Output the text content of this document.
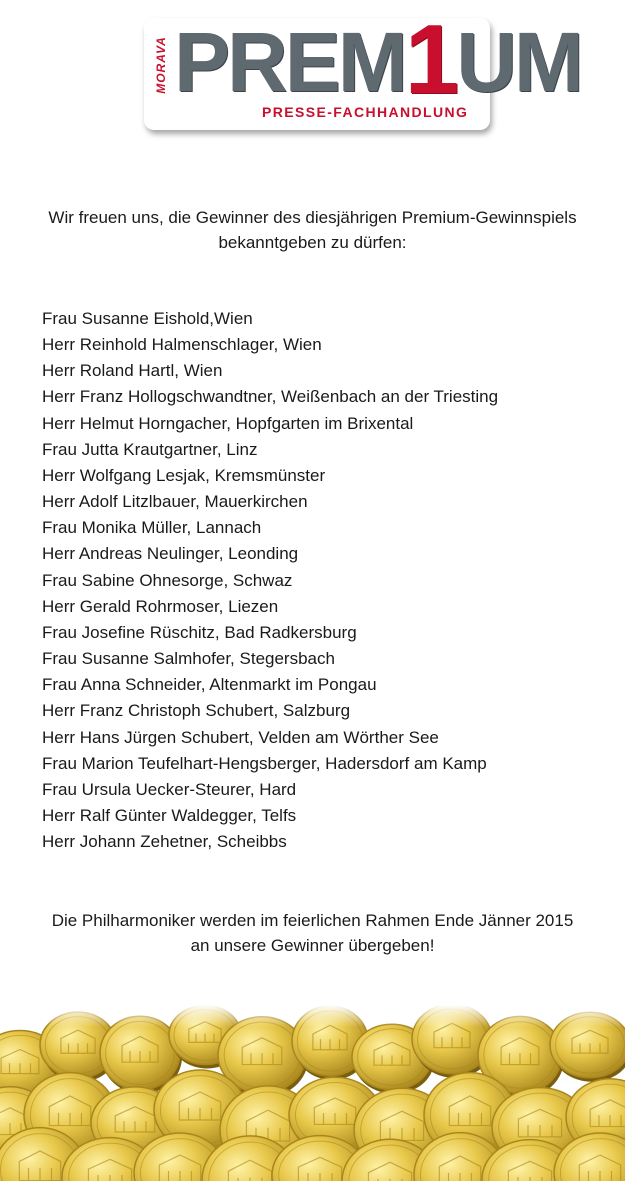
MORAVA PREM 1 UM
PRESSE-FACHHANDLUNG

Wir freuen uns, die Gewinner des diesjährigen Premium-Gewinnspiels
bekanntgeben zu dürfen:

Frau Susanne Eishold,Wien
Herr Reinhold Halmenschlager, Wien
Herr Roland Hartl, Wien
Herr Franz Hollogschwandtner, Weißenbach an der Triesting
Herr Helmut Horngacher, Hopfgarten im Brixental
Frau Jutta Krautgartner, Linz
Herr Wolfgang Lesjak, Kremsmünster
Herr Adolf Litzlbauer, Mauerkirchen
Frau Monika Müller, Lannach
Herr Andreas Neulinger, Leonding
Frau Sabine Ohnesorge, Schwaz
Herr Gerald Rohrmoser, Liezen
Frau Josefine Rüschitz, Bad Radkersburg
Frau Susanne Salmhofer, Stegersbach
Frau Anna Schneider, Altenmarkt im Pongau
Herr Franz Christoph Schubert, Salzburg
Herr Hans Jürgen Schubert, Velden am Wörther See
Frau Marion Teufelhart-Hengsberger, Hadersdorf am Kamp
Frau Ursula Uecker-Steurer, Hard
Herr Ralf Günter Waldegger, Telfs
Herr Johann Zehetner, Scheibbs

Die Philharmoniker werden im feierlichen Rahmen Ende Jänner 2015
an unsere Gewinner übergeben!
